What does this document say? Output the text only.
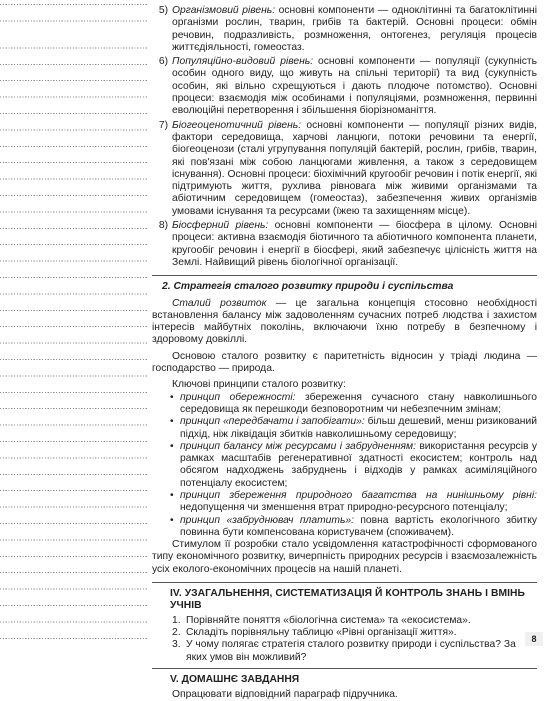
5) Організмовий рівень: основні компоненти — одноклітинні та багатоклітинні організми рослин, тварин, грибів та бактерій. Основні процеси: обмін речовин, подразливість, розмноження, онтогенез, регуляція процесів життєдіяльності, гомеостаз.
6) Популяційно-видовий рівень: основні компоненти — популяції (сукупність особин одного виду, що живуть на спільні території) та вид (сукупність особин, які вільно схрещуються і дають плодюче потомство). Основні процеси: взаємодія між особинами і популяціями, розмноження, первинні еволюційні перетворення і збільшення біорізноманіття.
7) Біогеоценотичний рівень: основні компоненти — популяції різних видів, фактори середовища, харчові ланцюги, потоки речовини та енергії, біогеоценози (сталі угрупування популяцій бактерій, рослин, грибів, тварин, які пов'язані між собою ланцюгами живлення, а також з середовищем існування). Основні процеси: біохімічний кругообіг речовин і потік енергії, які підтримують життя, рухлива рівновага між живими організмами та абіотичним середовищем (гомеостаз), забезпечення живих організмів умовами існування та ресурсами (їжею та захищенням місце).
8) Біосферний рівень: основні компоненти — біосфера в цілому. Основні процеси: активна взаємодія біотичного та абіотичного компонента планети, кругообіг речовин і енергії в біосфері, який забезпечує цілісність життя на Землі. Найвищий рівень біологічної організації.
2. Стратегія сталого розвитку природи і суспільства

Сталий розвиток — це загальна концепція стосовно необхідності встановлення балансу між задоволенням сучасних потреб людства і захистом інтересів майбутніх поколінь, включаючи їхню потребу в безпечному і здоровому довкіллі.

Основою сталого розвитку є паритетність відносин у тріаді людина — господарство — природа.

Ключові принципи сталого розвитку:

• принцип обережності: збереження сучасного стану навколишнього середовища як перешкоди безповоротним чи небезпечним змінам;
• принцип «передбачати і запобігати»: більш дешевий, менш ризикований підхід, ніж ліквідація збитків навколишньому середовищу;
• принцип балансу між ресурсами і забрудненням: використання ресурсів у рамках масштабів регенеративної здатності екосистем; контроль над обсягом надходжень забруднень і відходів у рамках асиміляційного потенціалу екосистем;
• принцип збереження природного багатства на нинішньому рівні: недопущення чи зменшення втрат природно-ресурсного потенціалу;
• принцип «забруднювач платить»: повна вартість екологічного збитку повинна бути компенсована користувачем (споживачем).

Стимулом її розробки стало усвідомлення катастрофічності сформованого типу економічного розвитку, вичерпність природних ресурсів і взаємозалежність усіх еколого-економічних процесів на нашій планеті.

IV. УЗАГАЛЬНЕННЯ, СИСТЕМАТИЗАЦІЯ Й КОНТРОЛЬ ЗНАНЬ І ВМІНЬ УЧНІВ
1. Порівняйте поняття «біологічна система» та «екосистема».
2. Складіть порівняльну таблицю «Рівні організації життя».
3. У чому полягає стратегія сталого розвитку природи і суспільства? За яких умов він можливий?
V. ДОМАШНЄ ЗАВДАННЯ

Опрацювати відповідний параграф підручника.

8
